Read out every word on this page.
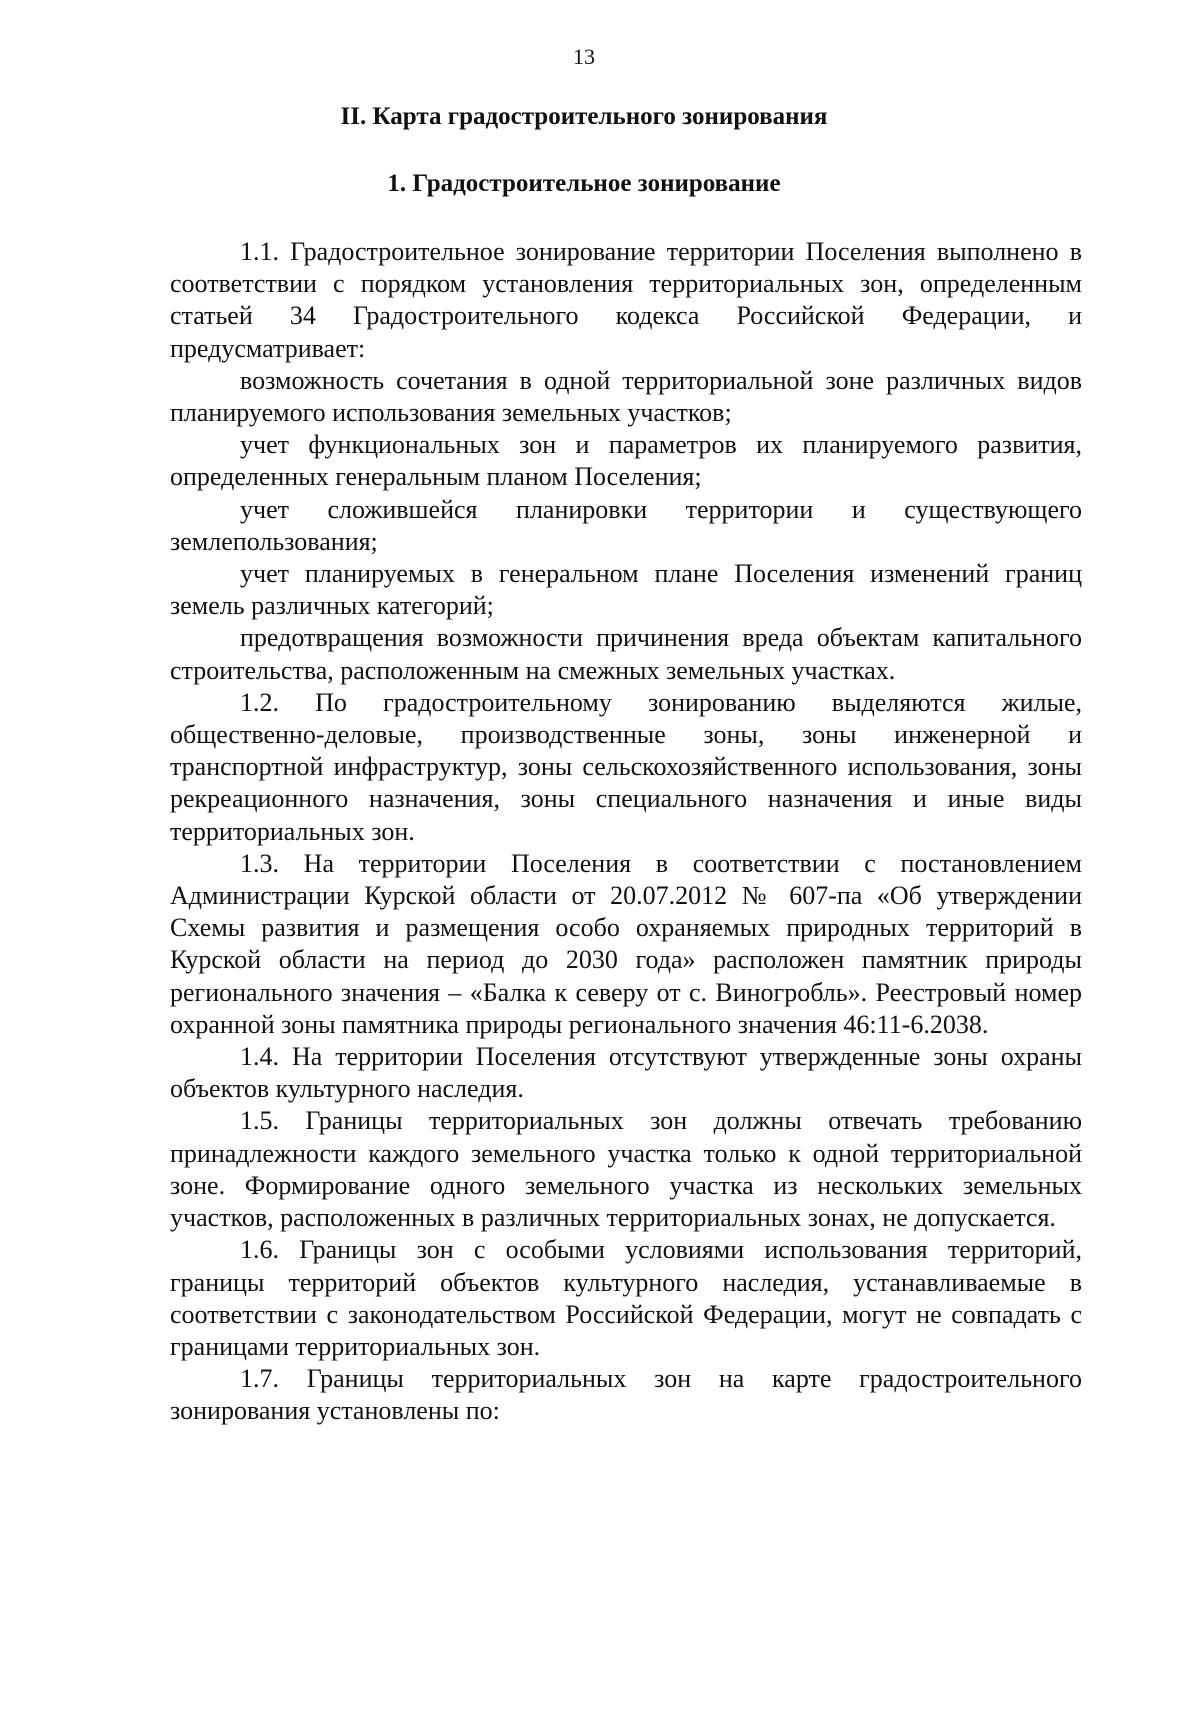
13
II. Карта градостроительного зонирования
1. Градостроительное зонирование

1.1. Градостроительное зонирование территории Поселения выполнено в соответствии с порядком установления территориальных зон, определенным статьей 34 Градостроительного кодекса Российской Федерации, и предусматривает:

возможность сочетания в одной территориальной зоне различных видов планируемого использования земельных участков;

учет функциональных зон и параметров их планируемого развития, определенных генеральным планом Поселения;

учет сложившейся планировки территории и существующего землепользования;

учет планируемых в генеральном плане Поселения изменений границ земель различных категорий;

предотвращения возможности причинения вреда объектам капитального строительства, расположенным на смежных земельных участках.

1.2. По градостроительному зонированию выделяются жилые, общественно-деловые, производственные зоны, зоны инженерной и транспортной инфраструктур, зоны сельскохозяйственного использования, зоны рекреационного назначения, зоны специального назначения и иные виды территориальных зон.

1.3. На территории Поселения в соответствии с постановлением Администрации Курской области от 20.07.2012 № 607-па «Об утверждении Схемы развития и размещения особо охраняемых природных территорий в Курской области на период до 2030 года» расположен памятник природы регионального значения – «Балка к северу от с. Виногробль». Реестровый номер охранной зоны памятника природы регионального значения 46:11-6.2038.

1.4. На территории Поселения отсутствуют утвержденные зоны охраны объектов культурного наследия.

1.5. Границы территориальных зон должны отвечать требованию принадлежности каждого земельного участка только к одной территориальной зоне. Формирование одного земельного участка из нескольких земельных участков, расположенных в различных территориальных зонах, не допускается.

1.6. Границы зон с особыми условиями использования территорий, границы территорий объектов культурного наследия, устанавливаемые в соответствии с законодательством Российской Федерации, могут не совпадать с границами территориальных зон.

1.7. Границы территориальных зон на карте градостроительного зонирования установлены по:
